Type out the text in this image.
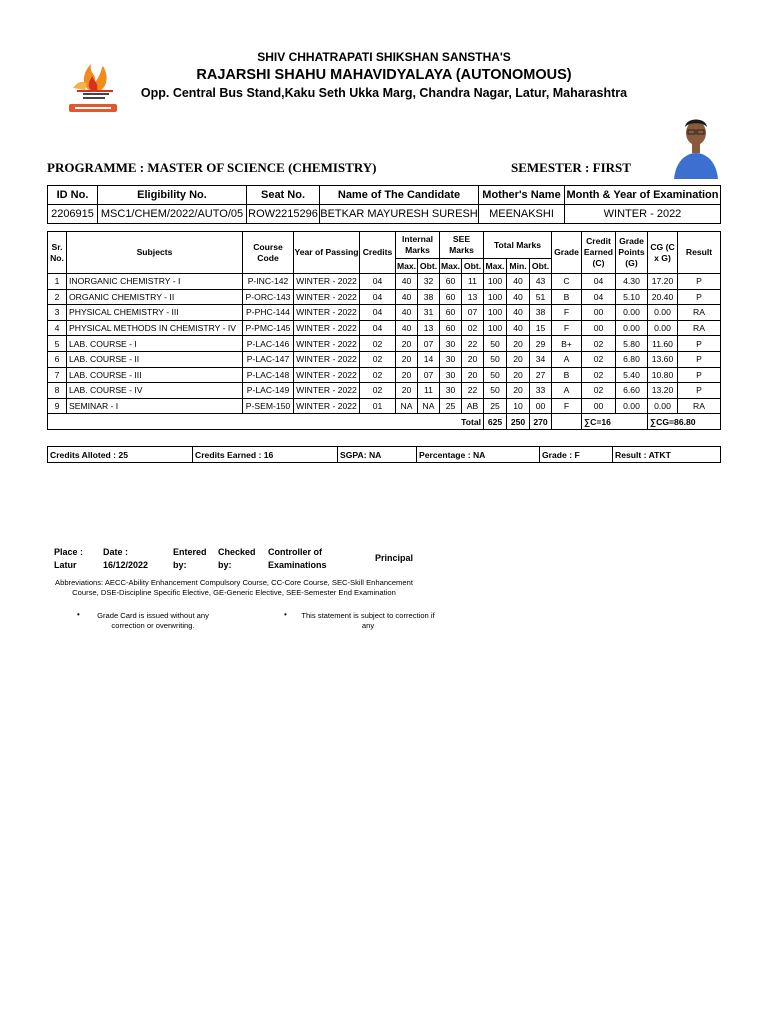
SHIV CHHATRAPATI SHIKSHAN SANSTHA'S
RAJARSHI SHAHU MAHAVIDYALAYA (AUTONOMOUS)
Opp. Central Bus Stand,Kaku Seth Ukka Marg, Chandra Nagar, Latur, Maharashtra
PROGRAMME : MASTER OF SCIENCE (CHEMISTRY)	SEMESTER : FIRST
ID No.	Eligibility No.	Seat No.	Name of The Candidate	Mother's Name	Month & Year of Examination
2206915	MSC1/CHEM/2022/AUTO/05	ROW2215296	BETKAR MAYURESH SURESH	MEENAKSHI	WINTER - 2022
Sr. No.	Subjects	Course Code	Year of Passing	Credits	Internal Marks		SEE Marks		Total Marks			Grade	Credit Earned (C)	Grade Points (G)	CG (C x G)	Result
					Max.	Obt.	Max.	Obt.	Max.	Min.	Obt.					
1	INORGANIC CHEMISTRY - I	P-INC-142	WINTER - 2022	04	40	32	60	11	100	40	43	C	04	4.30	17.20	P
2	ORGANIC CHEMISTRY - II	P-ORC-143	WINTER - 2022	04	40	38	60	13	100	40	51	B	04	5.10	20.40	P
3	PHYSICAL CHEMISTRY - III	P-PHC-144	WINTER - 2022	04	40	31	60	07	100	40	38	F	00	0.00	0.00	RA
4	PHYSICAL METHODS IN CHEMISTRY - IV	P-PMC-145	WINTER - 2022	04	40	13	60	02	100	40	15	F	00	0.00	0.00	RA
5	LAB. COURSE - I	P-LAC-146	WINTER - 2022	02	20	07	30	22	50	20	29	B+	02	5.80	11.60	P
6	LAB. COURSE - II	P-LAC-147	WINTER - 2022	02	20	14	30	20	50	20	34	A	02	6.80	13.60	P
7	LAB. COURSE - III	P-LAC-148	WINTER - 2022	02	20	07	30	20	50	20	27	B	02	5.40	10.80	P
8	LAB. COURSE - IV	P-LAC-149	WINTER - 2022	02	20	11	30	22	50	20	33	A	02	6.60	13.20	P
9	SEMINAR - I	P-SEM-150	WINTER - 2022	01	NA	NA	25	AB	25	10	00	F	00	0.00	0.00	RA
Total									625	250	270		∑C=16		∑CG=86.80	
Credits Alloted : 25	Credits Earned : 16	SGPA: NA	Percentage : NA	Grade : F	Result : ATKT
Place :
Latur
Date :
16/12/2022
Entered
by:
Checked
by:
Controller of
Examinations
Principal
Abbreviations: AECC-Ability Enhancement Compulsory Course, CC-Core Course, SEC-Skill Enhancement Course, DSE-Discipline Specific Elective, GE-Generic Elective, SEE-Semester End Examination
• Grade Card is issued without any correction or overwriting.
• This statement is subject to correction if any
